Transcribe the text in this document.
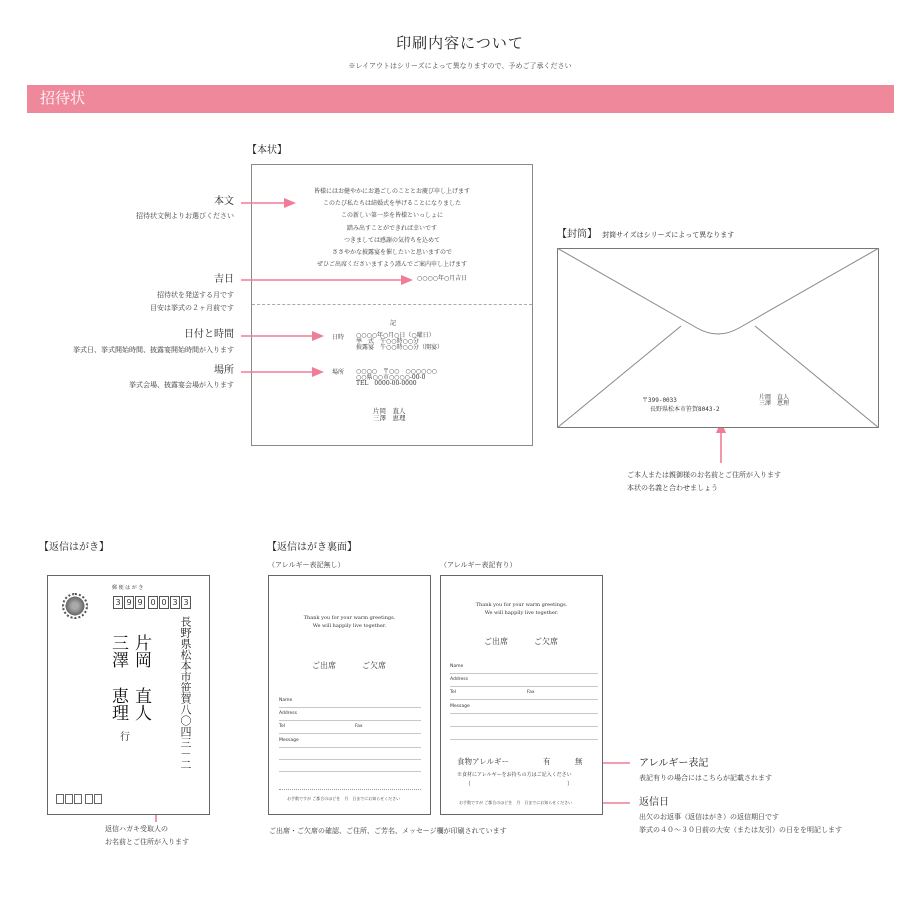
印刷内容について
※レイアウトはシリーズによって異なりますので、予めご了承ください
招待状
【本状】
皆様にはお健やかにお過ごしのこととお慶び申し上げます
このたび私たちは結婚式を挙げることになりました
この新しい第一歩を皆様といっしょに
踏み出すことができれば幸いです
つきましては感謝の気持ちを込めて
ささやかな披露宴を催したいと思いますので
ぜひご出席くださいますよう謹んでご案内申し上げます
○○○○年○月吉日
記
日時 ○○○○年○月○日（○曜日）
挙　式　午○○時○○分
披露宴　午○○時○○分（開宴）
場所 ○○○○　〒○○　○○○○○○
○○県○○市○○○○-00-0
TEL　0000-00-0000
片岡　直人
三澤　恵理
本文
招待状文例よりお選びください
吉日
招待状を発送する月です
目安は挙式の２ヶ月前です
日付と時間
挙式日、挙式開始時間、披露宴開始時間が入ります
場所
挙式会場、披露宴会場が入ります
【封筒】 封筒サイズはシリーズによって異なります
〒399-0033
長野県松本市笹賀8043-2
片岡　直人
三澤　恵理
ご本人または親御様のお名前とご住所が入ります
本状の名義と合わせましょう
【返信はがき】
郵 便 は が き
3 9 9 0 0 3 3
長野県松本市笹賀八〇四三－二
三澤 片岡
恵理 直人
行
返信ハガキ受取人の
お名前とご住所が入ります
【返信はがき裏面】
（アレルギー表記無し）	（アレルギー表記有り）
Thank you for your warm greetings.
We will happily live together.
ご出席	ご欠席
Name
Address
Tel	Fax
Message
お手数ですが ご都合のほどを　月　日までにお知らせください
Thank you for your warm greetings.
We will happily live together.
ご出席	ご欠席
Name
Address
Tel	Fax
Message
食物アレルギー	有	無
※食材にアレルギーをお持ちの方はご記入ください
（　　　　　　　　　　　　　　　　）
お手数ですが ご都合のほどを　月　日までにお知らせください
ご出席・ご欠席の確認、ご住所、ご芳名、メッセージ欄が印刷されています
アレルギー表記
表記有りの場合にはこちらが記載されます
返信日
出欠のお返事（返信はがき）の返信期日です
挙式の４０～３０日前の大安（または友引）の日をを明記します
